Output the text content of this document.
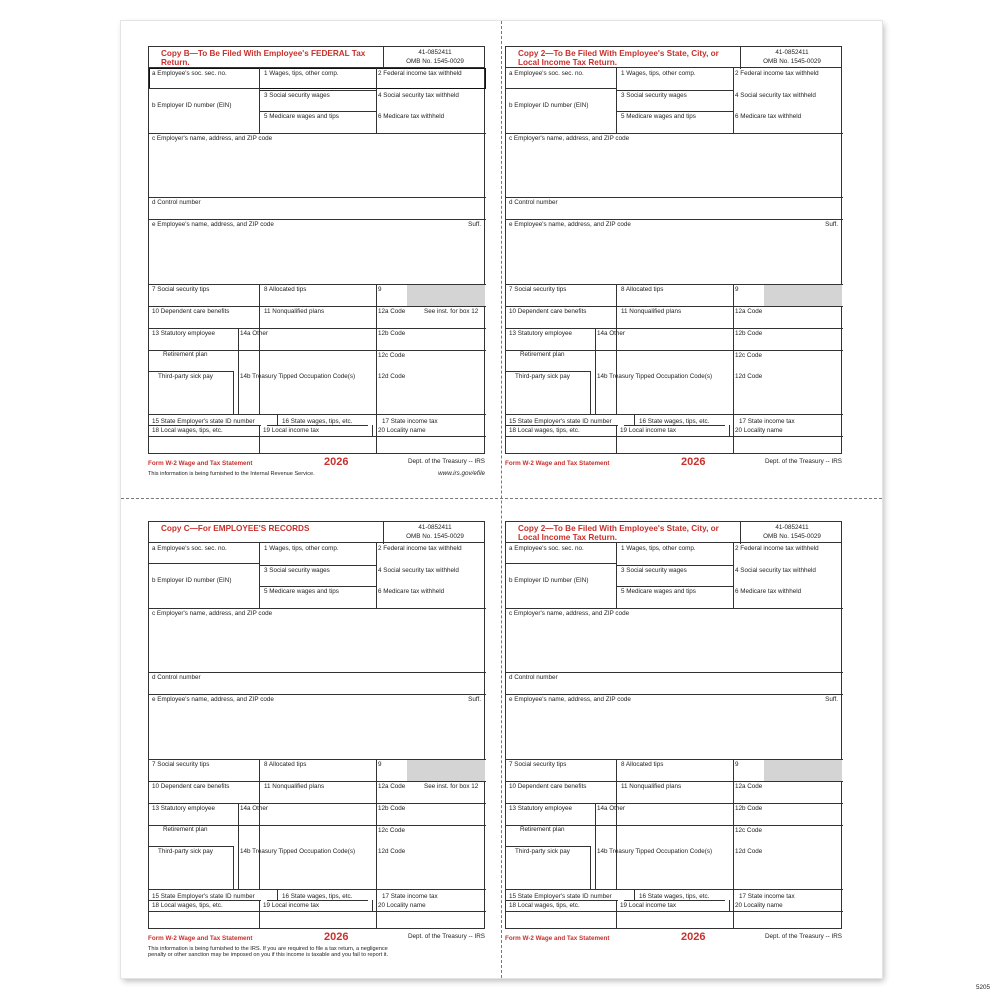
Copy B—To Be Filed With Employee's FEDERAL Tax Return.
41-0852411
OMB No. 1545-0029
a Employee's soc. sec. no.	1 Wages, tips, other comp.	2 Federal income tax withheld
3 Social security wages	4 Social security tax withheld
b Employer ID number (EIN)
5 Medicare wages and tips	6 Medicare tax withheld
c Employer's name, address, and ZIP code
d Control number
e Employee's name, address, and ZIP code
7 Social security tips	8 Allocated tips	9
10 Dependent care benefits	11 Nonqualified plans	12a Code
13 Statutory employee	14a Other	12b Code
Retirement plan	12c Code
Third-party sick pay	14b Treasury Tipped Occupation Code(s)	12d Code
15 State Employer's state ID number	16 State wages, tips, etc.	17 State income tax
18 Local wages, tips, etc.	19 Local income tax	20 Locality name
Suff.
See inst. for box 12
Form W-2 Wage and Tax Statement	2026	Dept. of the Treasury -- IRS
This information is being furnished to the Internal Revenue Service.	www.irs.gov/efile
Copy 2—To Be Filed With Employee's State, City, or Local Income Tax Return.
41-0852411
OMB No. 1545-0029
a Employee's soc. sec. no.	1 Wages, tips, other comp.	2 Federal income tax withheld
3 Social security wages	4 Social security tax withheld
b Employer ID number (EIN)
5 Medicare wages and tips	6 Medicare tax withheld
c Employer's name, address, and ZIP code
d Control number
e Employee's name, address, and ZIP code
7 Social security tips	8 Allocated tips	9
10 Dependent care benefits	11 Nonqualified plans	12a Code
13 Statutory employee	14a Other	12b Code
Retirement plan	12c Code
Third-party sick pay	14b Treasury Tipped Occupation Code(s)	12d Code
15 State Employer's state ID number	16 State wages, tips, etc.	17 State income tax
18 Local wages, tips, etc.	19 Local income tax	20 Locality name
Suff.
Form W-2 Wage and Tax Statement	2026	Dept. of the Treasury -- IRS
Copy C—For EMPLOYEE'S RECORDS	41-0852411
OMB No. 1545-0029
a Employee's soc. sec. no.	1 Wages, tips, other comp.	2 Federal income tax withheld
3 Social security wages	4 Social security tax withheld
b Employer ID number (EIN)
5 Medicare wages and tips	6 Medicare tax withheld
c Employer's name, address, and ZIP code
d Control number
e Employee's name, address, and ZIP code
7 Social security tips	8 Allocated tips	9
10 Dependent care benefits	11 Nonqualified plans	12a Code
13 Statutory employee	14a Other	12b Code
Retirement plan	12c Code
Third-party sick pay	14b Treasury Tipped Occupation Code(s)	12d Code
15 State Employer's state ID number	16 State wages, tips, etc.	17 State income tax
18 Local wages, tips, etc.	19 Local income tax	20 Locality name
Suff.
See inst. for box 12
Form W-2 Wage and Tax Statement	2026	Dept. of the Treasury -- IRS
This information is being furnished to the IRS. If you are required to file a tax return, a negligence
penalty or other sanction may be imposed on you if this income is taxable and you fail to report it.
Copy 2—To Be Filed With Employee's State, City, or Local Income Tax Return.
41-0852411
OMB No. 1545-0029
a Employee's soc. sec. no.	1 Wages, tips, other comp.	2 Federal income tax withheld
3 Social security wages	4 Social security tax withheld
b Employer ID number (EIN)
5 Medicare wages and tips	6 Medicare tax withheld
c Employer's name, address, and ZIP code
d Control number
e Employee's name, address, and ZIP code
7 Social security tips	8 Allocated tips	9
10 Dependent care benefits	11 Nonqualified plans	12a Code
13 Statutory employee	14a Other	12b Code
Retirement plan	12c Code
Third-party sick pay	14b Treasury Tipped Occupation Code(s)	12d Code
15 State Employer's state ID number	16 State wages, tips, etc.	17 State income tax
18 Local wages, tips, etc.	19 Local income tax	20 Locality name
Suff.
Form W-2 Wage and Tax Statement	2026	Dept. of the Treasury -- IRS
5205
